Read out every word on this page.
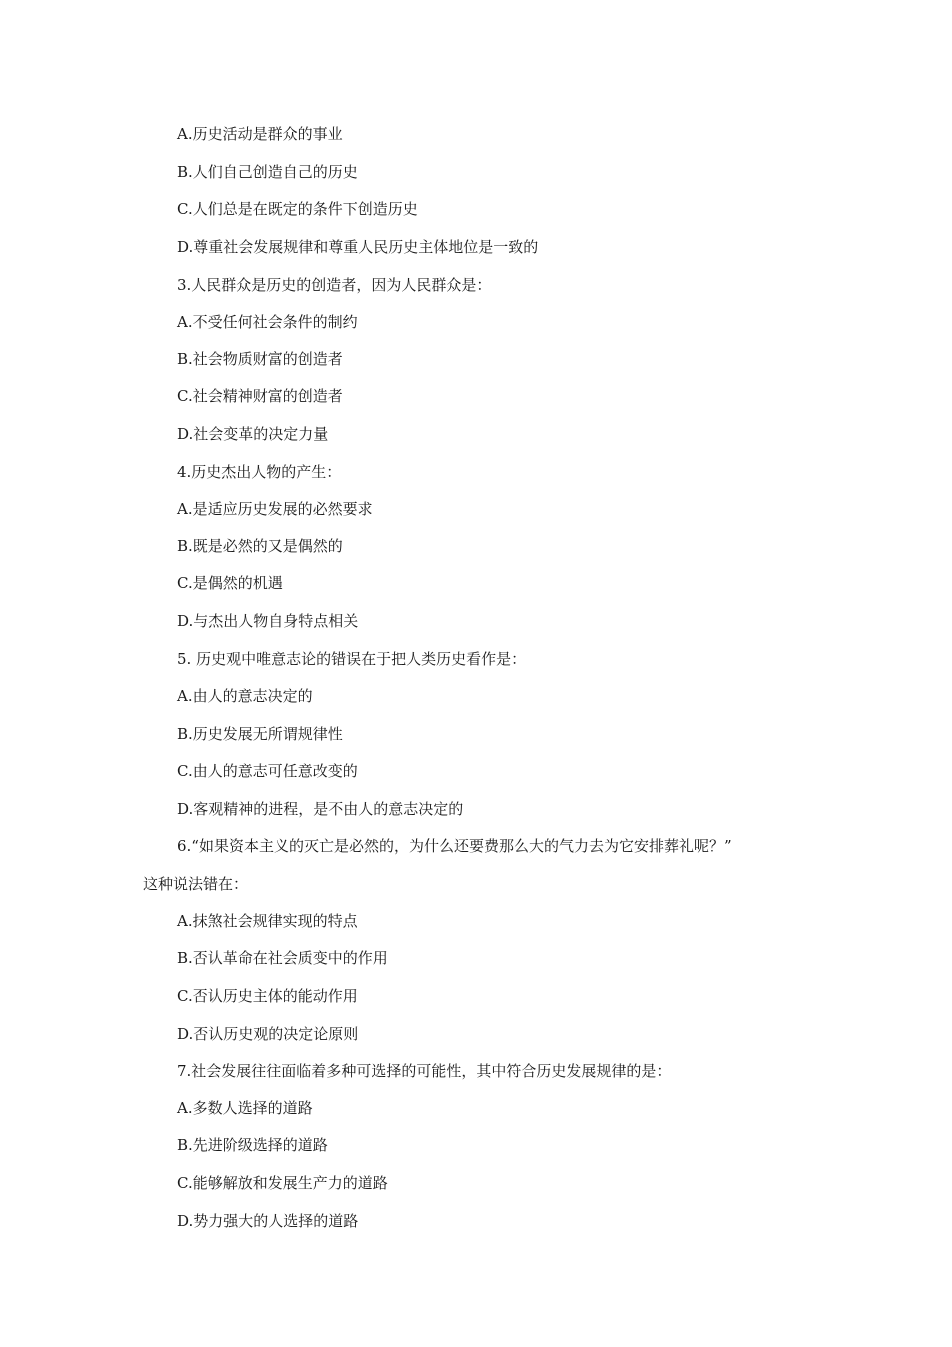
A.历史活动是群众的事业
B.人们自己创造自己的历史
C.人们总是在既定的条件下创造历史
D.尊重社会发展规律和尊重人民历史主体地位是一致的
3.人民群众是历史的创造者，因为人民群众是：
A.不受任何社会条件的制约
B.社会物质财富的创造者
C.社会精神财富的创造者
D.社会变革的决定力量
4.历史杰出人物的产生：
A.是适应历史发展的必然要求
B.既是必然的又是偶然的
C.是偶然的机遇
D.与杰出人物自身特点相关
5. 历史观中唯意志论的错误在于把人类历史看作是：
A.由人的意志决定的
B.历史发展无所谓规律性
C.由人的意志可任意改变的
D.客观精神的进程，是不由人的意志决定的
6.“如果资本主义的灭亡是必然的，为什么还要费那么大的气力去为它安排葬礼呢？”
这种说法错在：
A.抹煞社会规律实现的特点
B.否认革命在社会质变中的作用
C.否认历史主体的能动作用
D.否认历史观的决定论原则
7.社会发展往往面临着多种可选择的可能性，其中符合历史发展规律的是：
A.多数人选择的道路
B.先进阶级选择的道路
C.能够解放和发展生产力的道路
D.势力强大的人选择的道路
